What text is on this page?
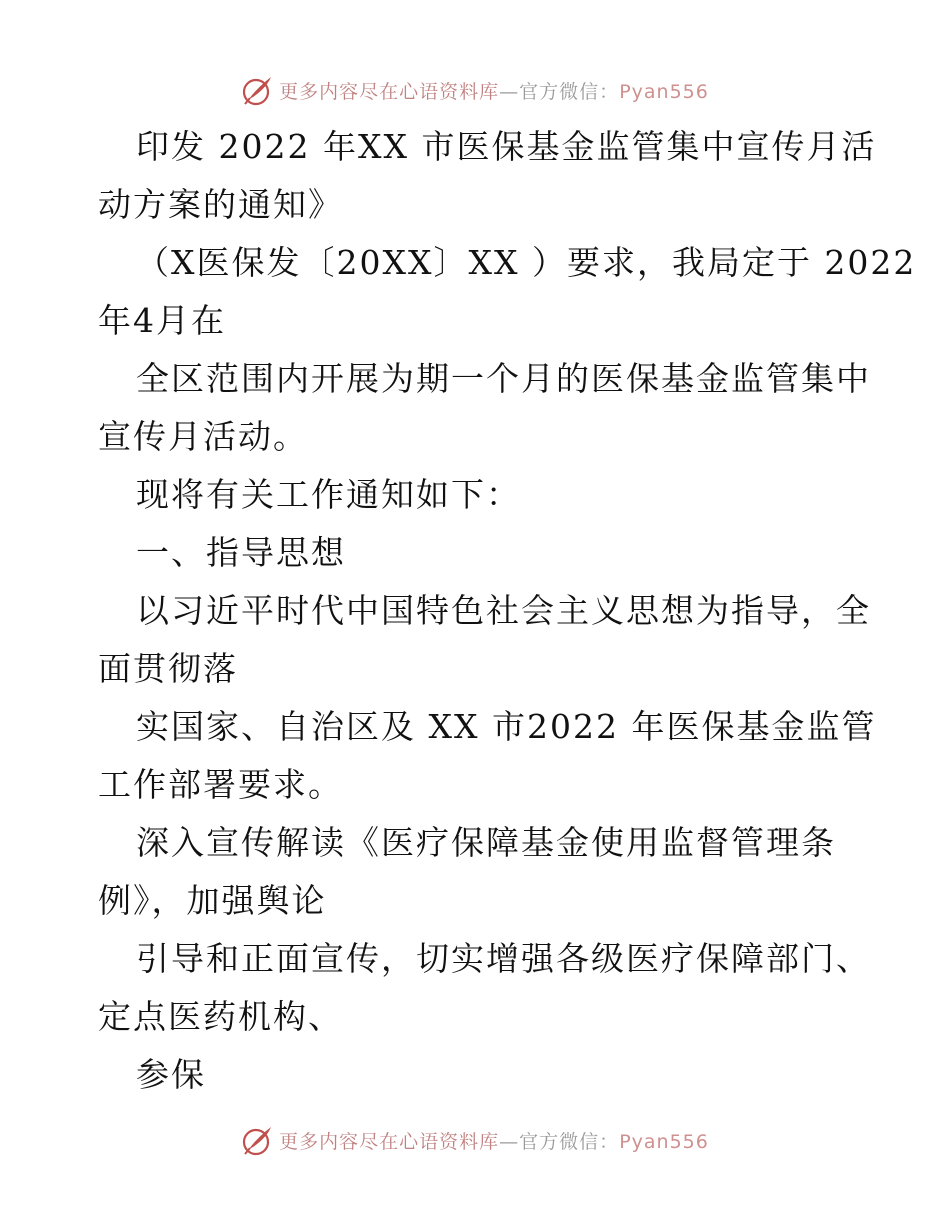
更多内容尽在心语资料库—官方微信：Pyan556
印发 2022 年XX 市医保基金监管集中宣传月活
动方案的通知》
（X医保发〔20XX〕XX ）要求，我局定于 2022
年4月在
全区范围内开展为期一个月的医保基金监管集中
宣传月活动。
现将有关工作通知如下：
一、指导思想
以习近平时代中国特色社会主义思想为指导，全
面贯彻落
实国家、自治区及 XX 市2022 年医保基金监管
工作部署要求。
深入宣传解读《医疗保障基金使用监督管理条
例》，加强舆论
引导和正面宣传，切实增强各级医疗保障部门、
定点医药机构、
参保
更多内容尽在心语资料库—官方微信：Pyan556
